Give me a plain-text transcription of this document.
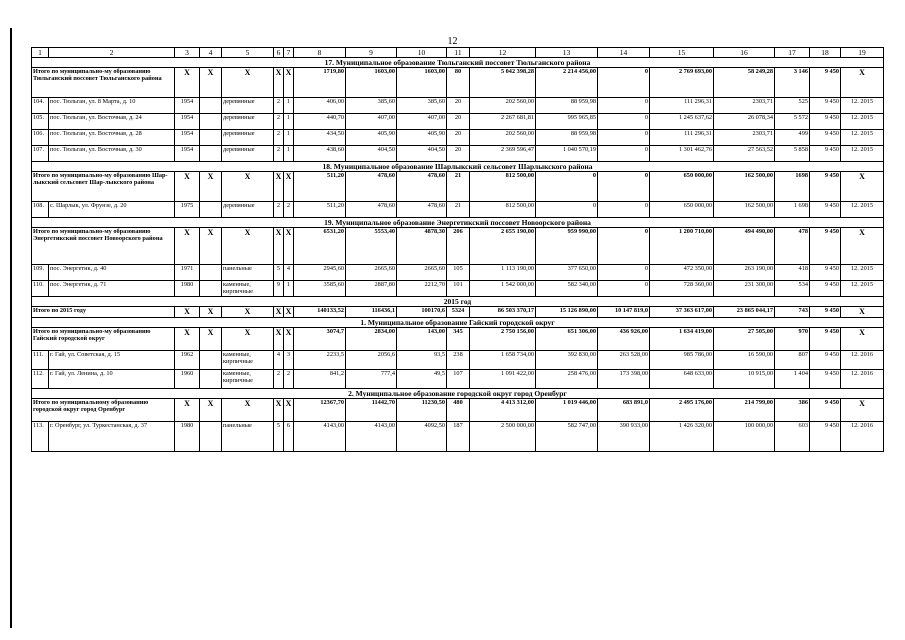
12
1	2	3	4	5	6	7	8	9	10	11	12	13	14	15	16	17	18	19
17. Муниципальное образование Тюльганский поссовет Тюльганского района																		
Итого по муниципально-му образованию Тюльганский поссовет Тюльганского района		X	X	X	X	X	1719,80	1603,00	1603,00	80	5 042 398,28	2 214 456,00	0	2 769 693,00	58 249,28	3 146	9 450	X
104.	пос. Тюльган, ул. 8 Марта, д. 10	1954		деревянные	2	1	406,00	385,60	385,60	20	202 560,00	88 959,98	0	111 296,31	2303,71	525	9 450	12. 2015
105.	пос. Тюльган, ул. Восточная, д. 24	1954		деревянные	2	1	440,70	407,00	407,00	20	2 267 681,81	995 965,85	0	1 245 637,62	26 078,34	5 572	9 450	12. 2015
106.	пос. Тюльган, ул. Восточная, д. 28	1954		деревянные	2	1	434,50	405,90	405,90	20	202 560,00	88 959,98	0	111 296,31	2303,71	499	9 450	12. 2015
107.	пос. Тюльган, ул. Восточная, д. 30	1954		деревянные	2	1	438,60	404,50	404,50	20	2 369 596,47	1 040 570,19	0	1 301 462,76	27 563,52	5 858	9 450	12. 2015
18. Муниципальное образование Шарлыкский сельсовет Шарлыкского района																		
Итого по муниципально-му образованию Шар-лыкский сельсовет Шар-лыкского района		X	X	X	X	X	511,20	478,60	478,60	21	812 500,00	0	0	650 000,00	162 500,00	1698	9 450	X
108.	с. Шарлык, ул. Фрунзе, д. 20	1975		деревянные	2	2	511,20	478,60	478,60	21	812 500,00	0	0	650 000,00	162 500,00	1 698	9 450	12. 2015
19. Муниципальное образование Энергетикский поссовет Новоорского района																		
Итого по муниципально-му образованию Энергетикский поссовет Новоорского района		X	X	X	X	X	6531,20	5553,40	4878,30	206	2 655 190,00	959 990,00	0	1 200 710,00	494 490,00	478	9 450	X
109.	пос. Энергетик, д. 40	1971		панельные	5	4	2945,60	2665,60	2665,60	105	1 113 190,00	377 650,00	0	472 350,00	263 190,00	418	9 450	12. 2015
110.	пос. Энергетик, д. 71	1980		каменные, кирпичные	9	1	3585,60	2887,80	2212,70	101	1 542 000,00	582 340,00	0	728 360,00	231 300,00	534	9 450	12. 2015
2015 год																		
Итого по 2015 году		X	X	X	X	X	140133,52	116436,1	100170,6	5324	86 503 370,17	15 126 890,00	10 147 819,0	37 363 617,00	23 865 044,17	743	9 450	X
1. Муниципальное образование Гайский городской округ																		
Итого по муниципально-му образованию Гайский городской округ		X	X	X	X	X	3074,7	2834,00	143,00	345	2 750 156,00	651 306,00	436 926,00	1 634 419,00	27 505,00	970	9 450	X
111.	г. Гай, ул. Советская, д. 15	1962		каменные, кирпичные	4	3	2233,5	2056,6	93,5	238	1 658 734,00	392 830,00	263 528,00	985 786,00	16 590,00	807	9 450	12. 2016
112.	г. Гай, ул. Ленина, д. 10	1960		каменные, кирпичные	2	2	841,2	777,4	49,5	107	1 091 422,00	258 476,00	173 398,00	648 633,00	10 915,00	1 404	9 450	12. 2016
2. Муниципальное образование городской округ город Оренбург																		
Итого по муниципальному образованию городской округ город Оренбург		X	X	X	X	X	12367,70	11442,70	11230,50	480	4 413 312,00	1 019 446,00	683 891,0	2 495 176,00	214 799,00	386	9 450	X
113.	г. Оренбург, ул. Туркестанская, д. 37	1980		панельные	5	6	4143,00	4143,00	4092,50	187	2 500 000,00	582 747,00	390 933,00	1 426 320,00	100 000,00	603	9 450	12. 2016
